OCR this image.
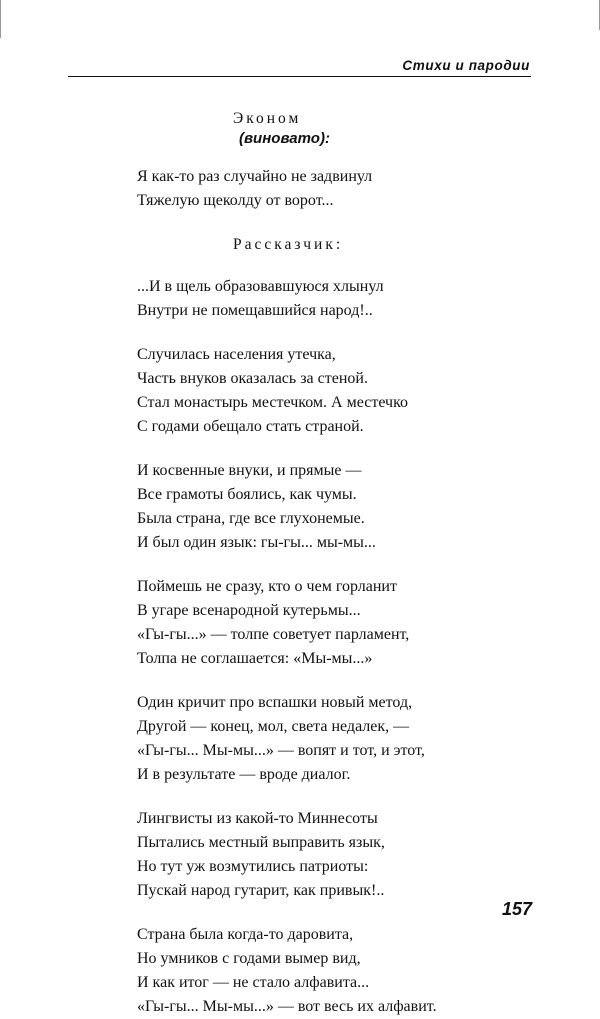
Стихи и пародии
Эконом
(виновато):
Я как-то раз случайно не задвинул
Тяжелую щеколду от ворот...
Рассказчик:
...И в щель образовавшуюся хлынул
Внутри не помещавшийся народ!..
Случилась населения утечка,
Часть внуков оказалась за стеной.
Стал монастырь местечком. А местечко
С годами обещало стать страной.
И косвенные внуки, и прямые —
Все грамоты боялись, как чумы.
Была страна, где все глухонемые.
И был один язык: гы-гы... мы-мы...
Поймешь не сразу, кто о чем горланит
В угаре всенародной кутерьмы...
«Гы-гы...» — толпе советует парламент,
Толпа не соглашается: «Мы-мы...»
Один кричит про вспашки новый метод,
Другой — конец, мол, света недалек, —
«Гы-гы... Мы-мы...» — вопят и тот, и этот,
И в результате — вроде диалог.
Лингвисты из какой-то Миннесоты
Пытались местный выправить язык,
Но тут уж возмутились патриоты:
Пускай народ гутарит, как привык!..
Страна была когда-то даровита,
Но умников с годами вымер вид,
И как итог — не стало алфавита...
«Гы-гы... Мы-мы...» — вот весь их алфавит.
157
